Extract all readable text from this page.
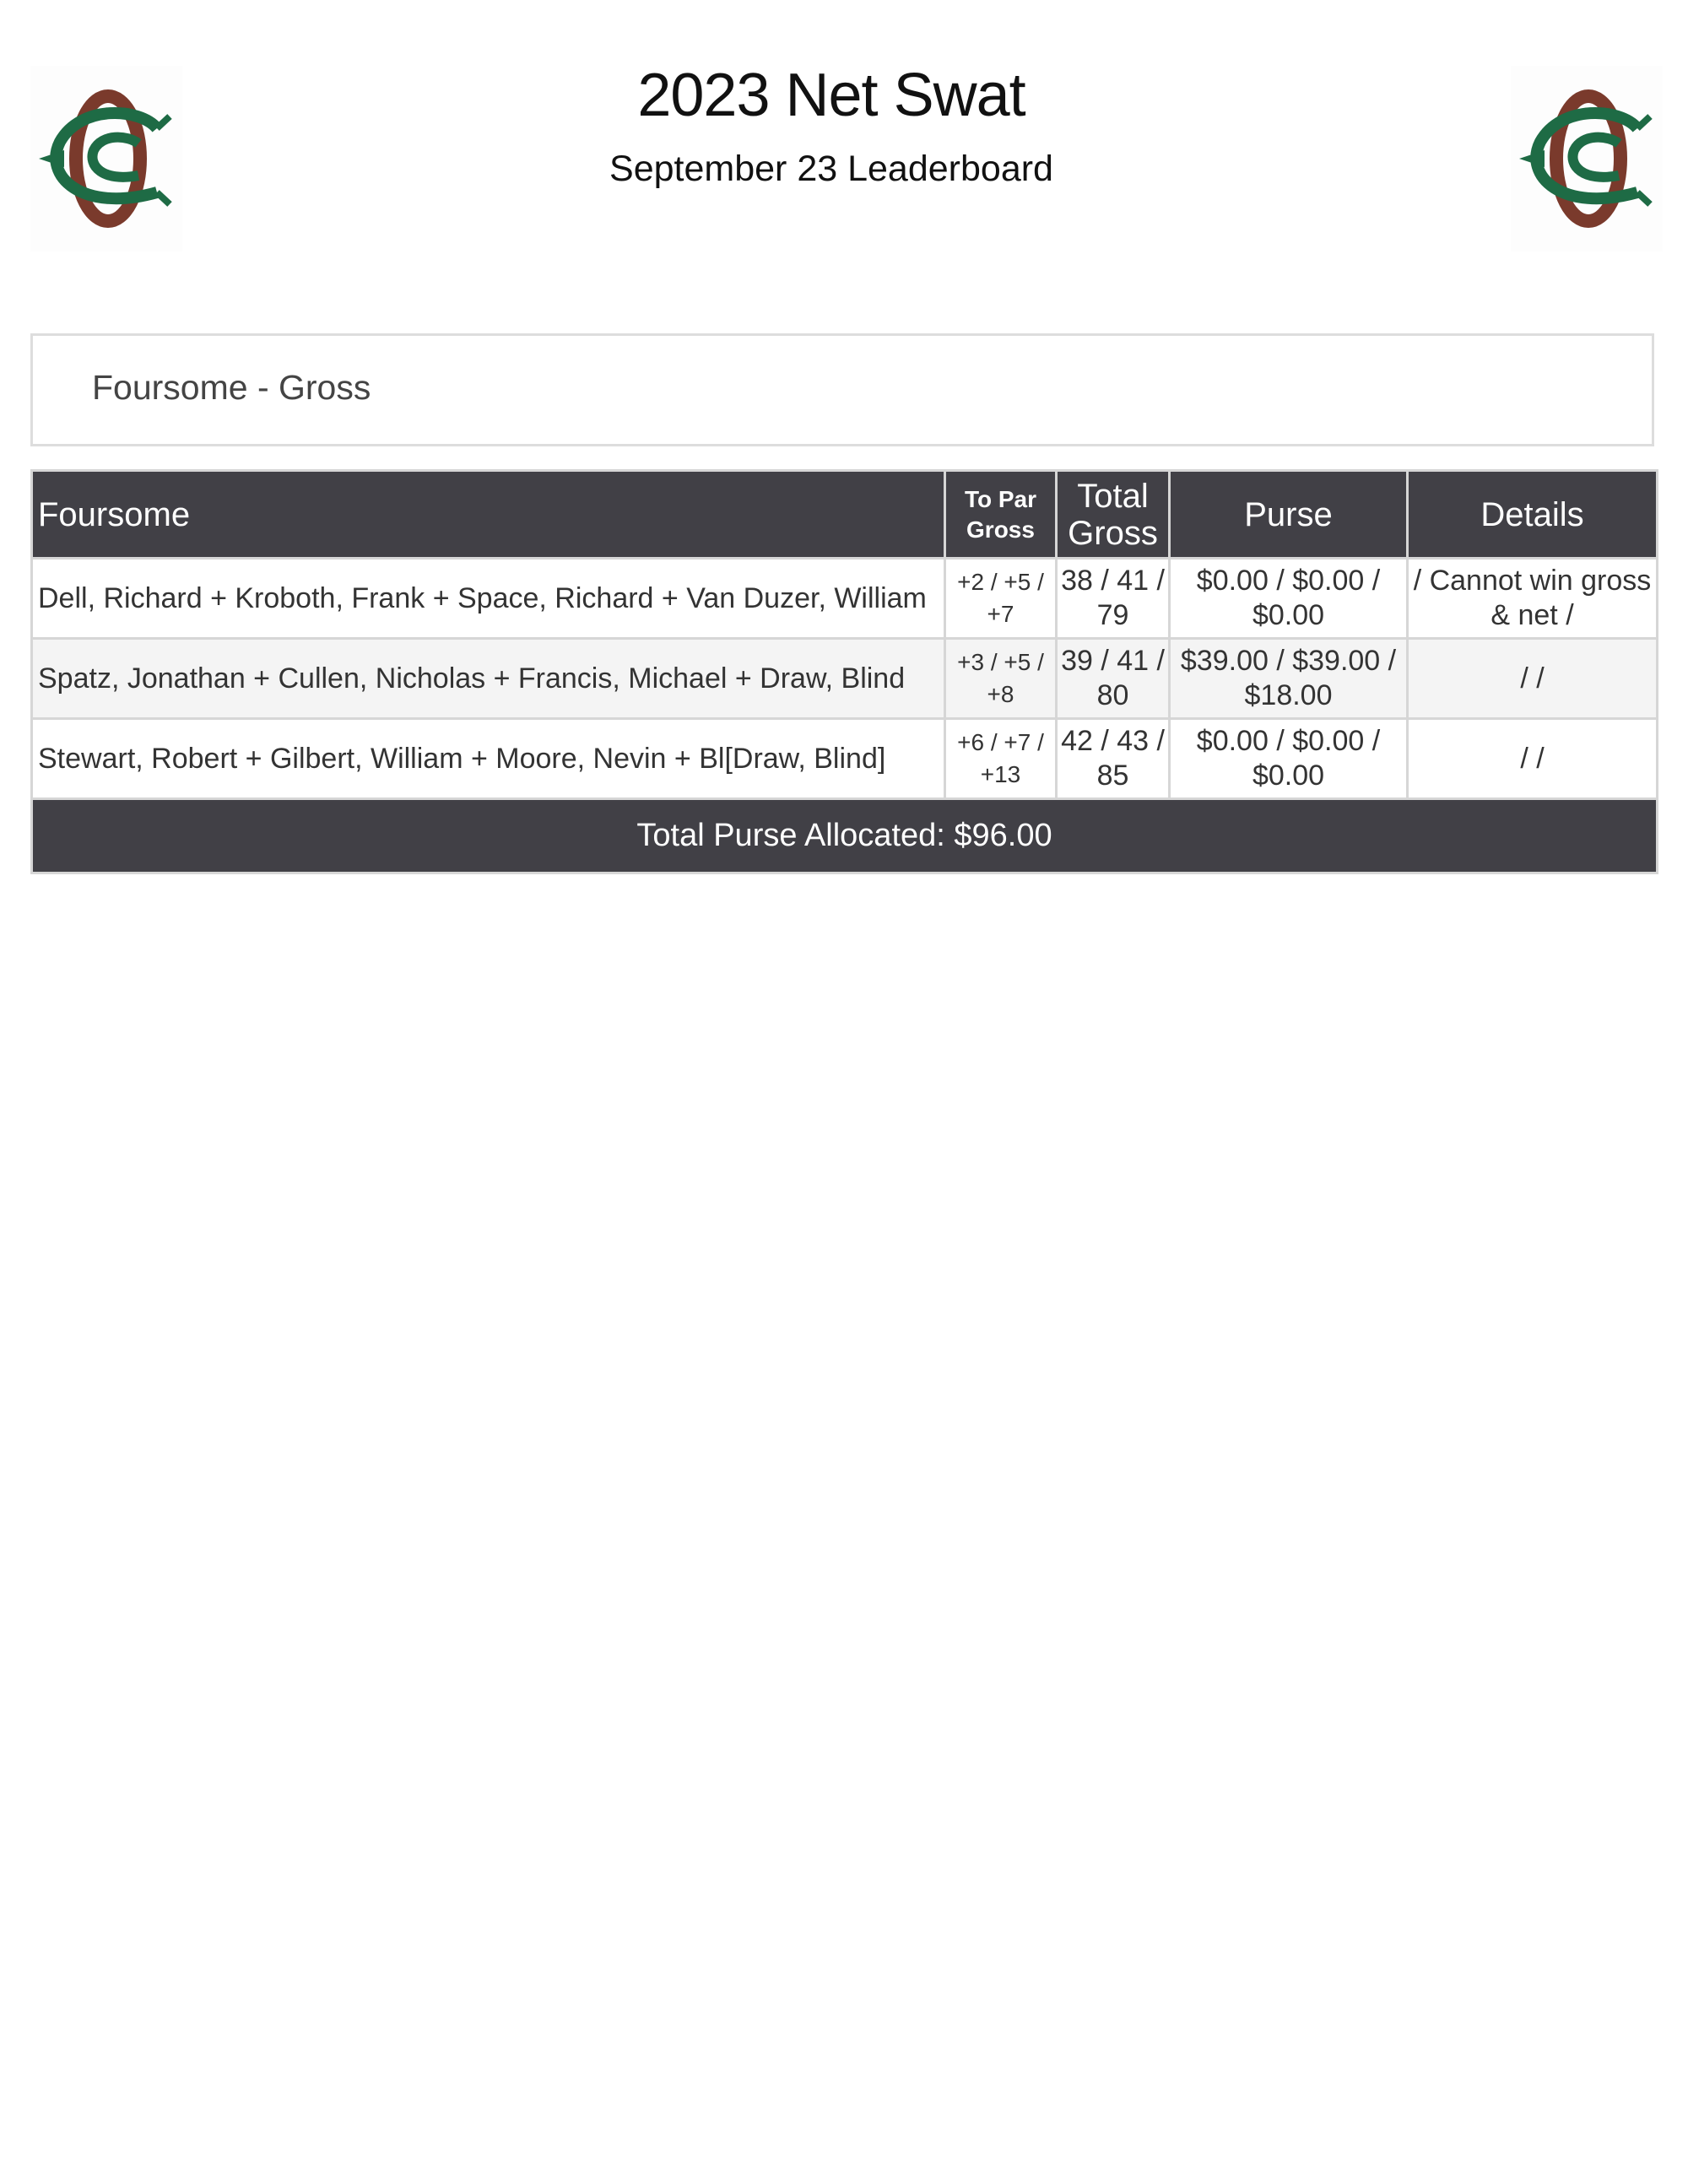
2023 Net Swat
September 23 Leaderboard
Foursome - Gross
Foursome	To Par Gross	Total Gross	Purse	Details
Dell, Richard + Kroboth, Frank + Space, Richard + Van Duzer, William	+2 / +5 / +7	38 / 41 / 79	$0.00 / $0.00 / $0.00	/ Cannot win gross & net /
Spatz, Jonathan + Cullen, Nicholas + Francis, Michael + Draw, Blind	+3 / +5 / +8	39 / 41 / 80	$39.00 / $39.00 / $18.00	/ /
Stewart, Robert + Gilbert, William + Moore, Nevin + Bl[Draw, Blind]	+6 / +7 / +13	42 / 43 / 85	$0.00 / $0.00 / $0.00	/ /
Total Purse Allocated: $96.00				
